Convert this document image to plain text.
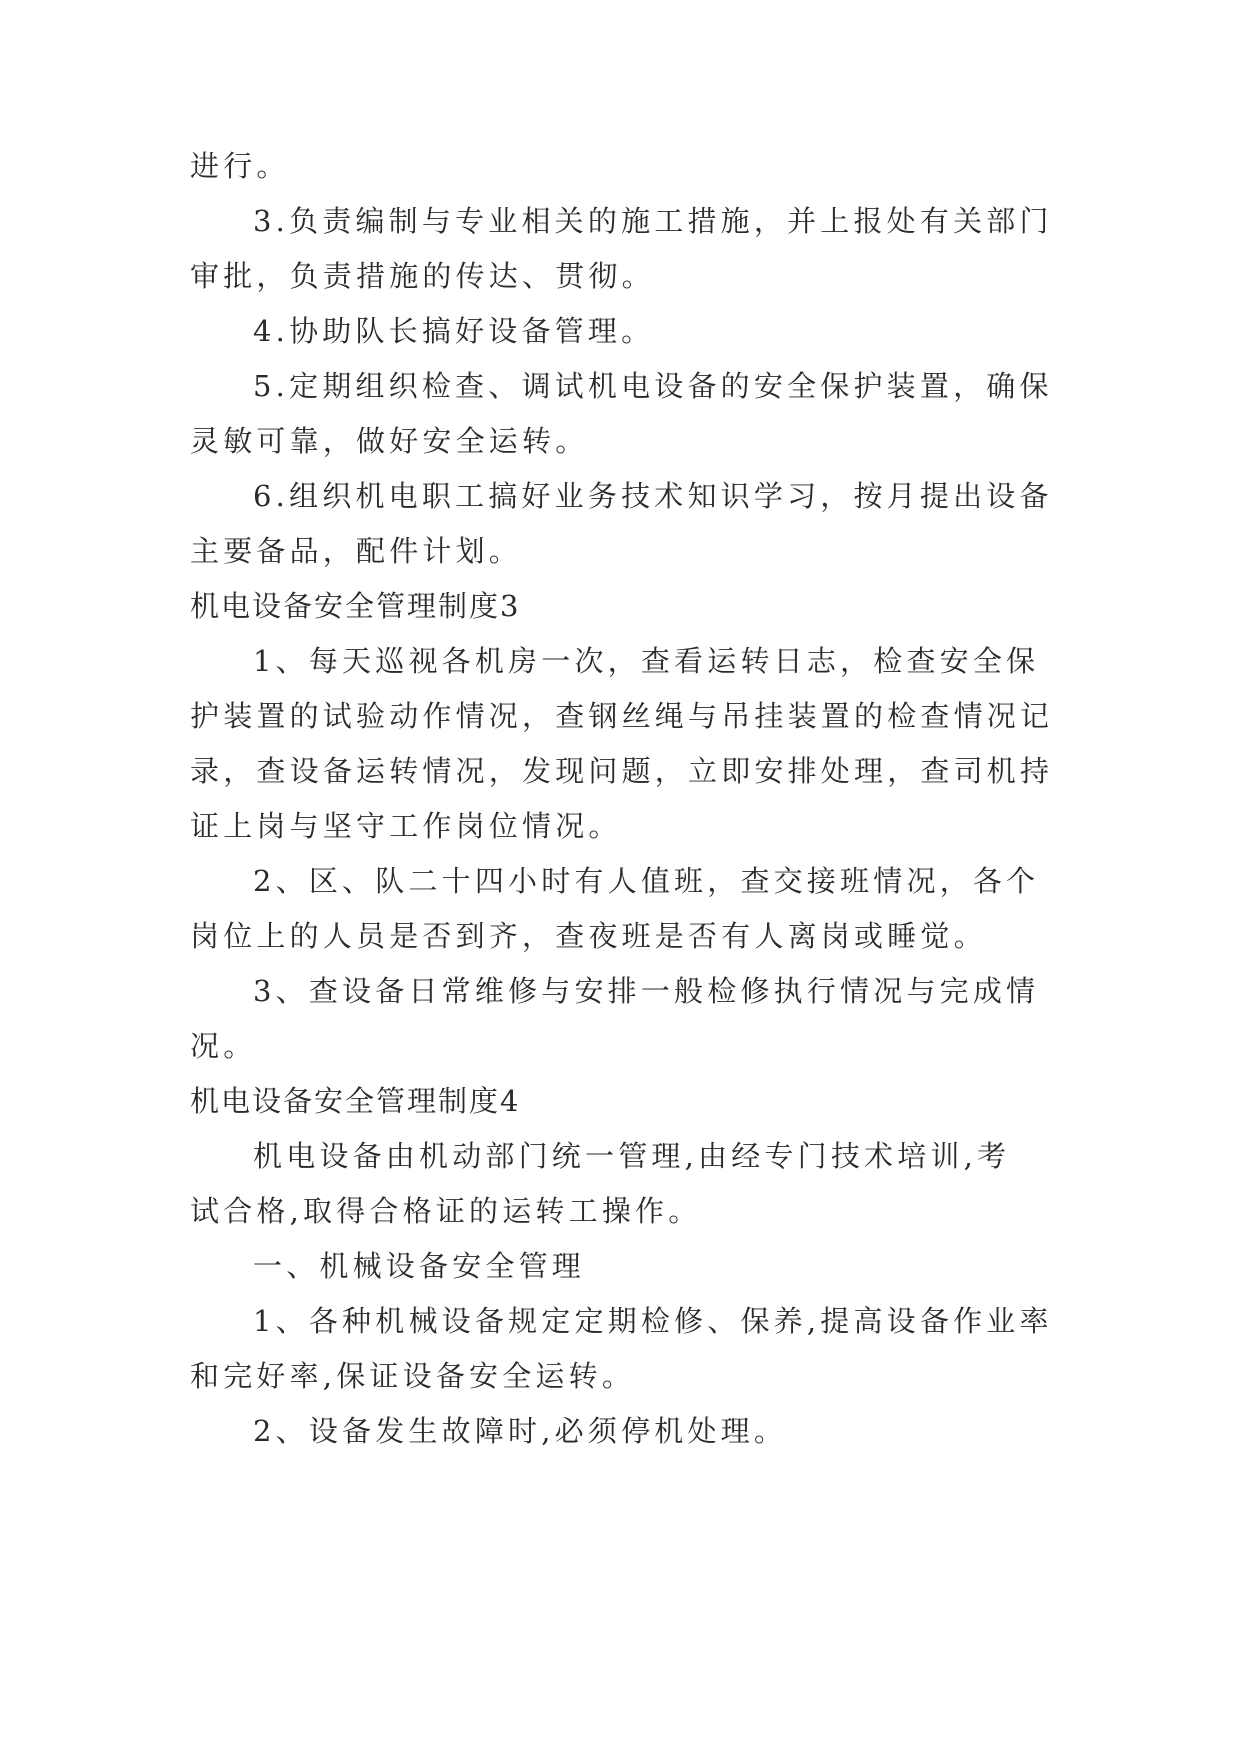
进行。
3.负责编制与专业相关的施工措施，并上报处有关部门
审批，负责措施的传达、贯彻。
4.协助队长搞好设备管理。
5.定期组织检查、调试机电设备的安全保护装置，确保
灵敏可靠，做好安全运转。
6.组织机电职工搞好业务技术知识学习，按月提出设备
主要备品，配件计划。
机电设备安全管理制度3
1、每天巡视各机房一次，查看运转日志，检查安全保
护装置的试验动作情况，查钢丝绳与吊挂装置的检查情况记
录，查设备运转情况，发现问题，立即安排处理，查司机持
证上岗与坚守工作岗位情况。
2、区、队二十四小时有人值班，查交接班情况，各个
岗位上的人员是否到齐，查夜班是否有人离岗或睡觉。
3、查设备日常维修与安排一般检修执行情况与完成情
况。
机电设备安全管理制度4
机电设备由机动部门统一管理,由经专门技术培训,考
试合格,取得合格证的运转工操作。
一、机械设备安全管理
1、各种机械设备规定定期检修、保养,提高设备作业率
和完好率,保证设备安全运转。
2、设备发生故障时,必须停机处理。
